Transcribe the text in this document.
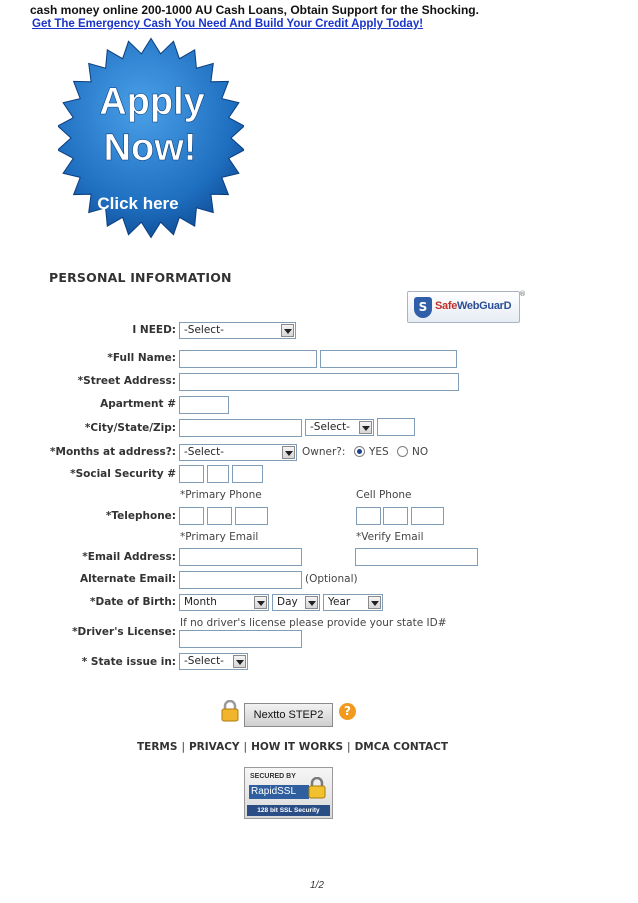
cash money online 200-1000 AU Cash Loans, Obtain Support for the Shocking.
Get The Emergency Cash You Need And Build Your Credit Apply Today!
Apply
Now!
Click here
PERSONAL INFORMATION
S SafeWebGuarD
®
I NEED: -Select-
*Full Name:
*Street Address:
Apartment #
*City/State/Zip:	-Select-
*Months at address?: -Select-	Owner?: YES NO
*Social Security #
*Primary Phone	Cell Phone
*Telephone:
*Primary Email	*Verify Email
*Email Address:
Alternate Email:	(Optional)
*Date of Birth: Month	Day	Year
If no driver's license please provide your state ID#
*Driver's License:
* State issue in: -Select-
Nextto STEP2	?
TERMS | PRIVACY | HOW IT WORKS | DMCA CONTACT
SECURED BY
RapidSSL
128 bit SSL Security
1/2
